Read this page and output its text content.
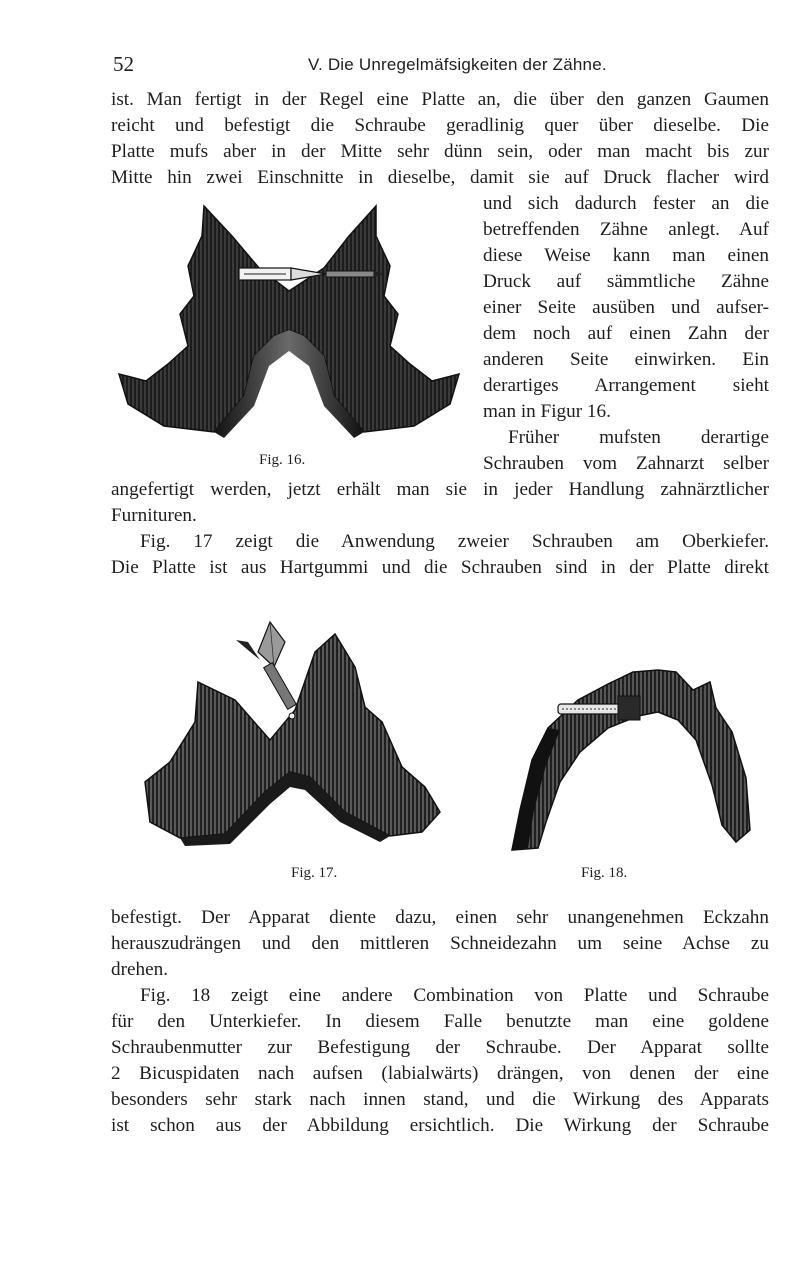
52	V. Die Unregelmäfsigkeiten der Zähne.
ist. Man fertigt in der Regel eine Platte an, die über den ganzen Gaumen
reicht und befestigt die Schraube geradlinig quer über dieselbe. Die
Platte mufs aber in der Mitte sehr dünn sein, oder man macht bis zur
Mitte hin zwei Einschnitte in dieselbe, damit sie auf Druck flacher wird
und sich dadurch fester an die
betreffenden Zähne anlegt. Auf
diese Weise kann man einen
Druck auf sämmtliche Zähne
einer Seite ausüben und aufser-
dem noch auf einen Zahn der
anderen Seite einwirken. Ein
derartiges Arrangement sieht
man in Figur 16.
Früher mufsten derartige
Schrauben vom Zahnarzt selber
Fig. 16.
angefertigt werden, jetzt erhält man sie in jeder Handlung zahnärztlicher
Furnituren.
Fig. 17 zeigt die Anwendung zweier Schrauben am Oberkiefer.
Die Platte ist aus Hartgummi und die Schrauben sind in der Platte direkt
Fig. 17.	Fig. 18.
befestigt. Der Apparat diente dazu, einen sehr unangenehmen Eckzahn
herauszudrängen und den mittleren Schneidezahn um seine Achse zu
drehen.
Fig. 18 zeigt eine andere Combination von Platte und Schraube
für den Unterkiefer. In diesem Falle benutzte man eine goldene
Schraubenmutter zur Befestigung der Schraube. Der Apparat sollte
2 Bicuspidaten nach aufsen (labialwärts) drängen, von denen der eine
besonders sehr stark nach innen stand, und die Wirkung des Apparats
ist schon aus der Abbildung ersichtlich. Die Wirkung der Schraube
